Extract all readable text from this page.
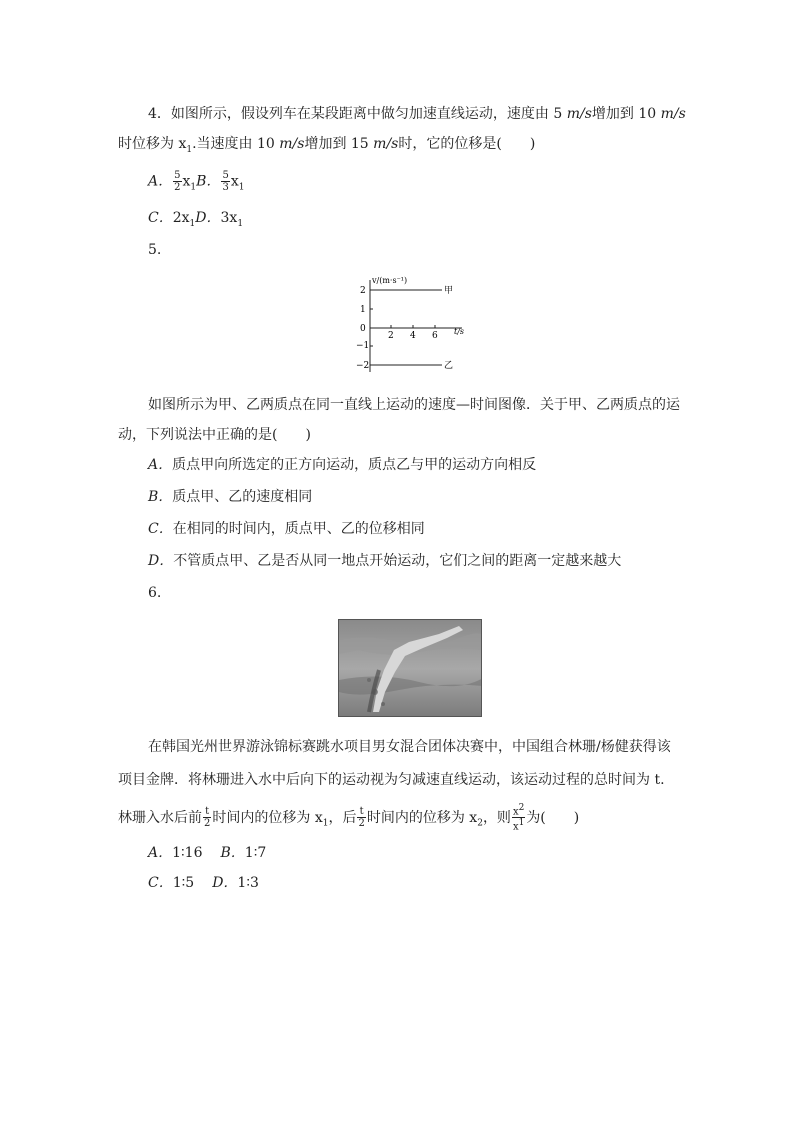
4．如图所示，假设列车在某段距离中做匀加速直线运动，速度由 5 m/s增加到 10 m/s
时位移为 $x_1$.当速度由 10 m/s增加到 15 m/s时，它的位移是(　　)
A． $\frac{5}{2} x_1B$． $\frac{5}{3} x_1$
C．$2x_1D$．$3x_1$
5.
v/(m·s⁻¹)
t/s
2
1
0
−1
−2
2 4 6
甲
乙
如图所示为甲、乙两质点在同一直线上运动的速度—时间图像．关于甲、乙两质点的运
动，下列说法中正确的是(　　)
A．质点甲向所选定的正方向运动，质点乙与甲的运动方向相反
B．质点甲、乙的速度相同
C．在相同的时间内，质点甲、乙的位移相同
D．不管质点甲、乙是否从同一地点开始运动，它们之间的距离一定越来越大
6.
在韩国光州世界游泳锦标赛跳水项目男女混合团体决赛中，中国组合林珊/杨健获得该
项目金牌．将林珊进入水中后向下的运动视为匀减速直线运动，该运动过程的总时间为 t.
林珊入水后前 $\frac{t}{2}$ 时间内的位移为 $x_1$，后 $\frac{t}{2}$ 时间内的位移为 $x_2$，则 $\frac{x^2}{x^1}$ 为(　　)
A．1∶16 B．1∶7
C．1∶5 D．1∶3
